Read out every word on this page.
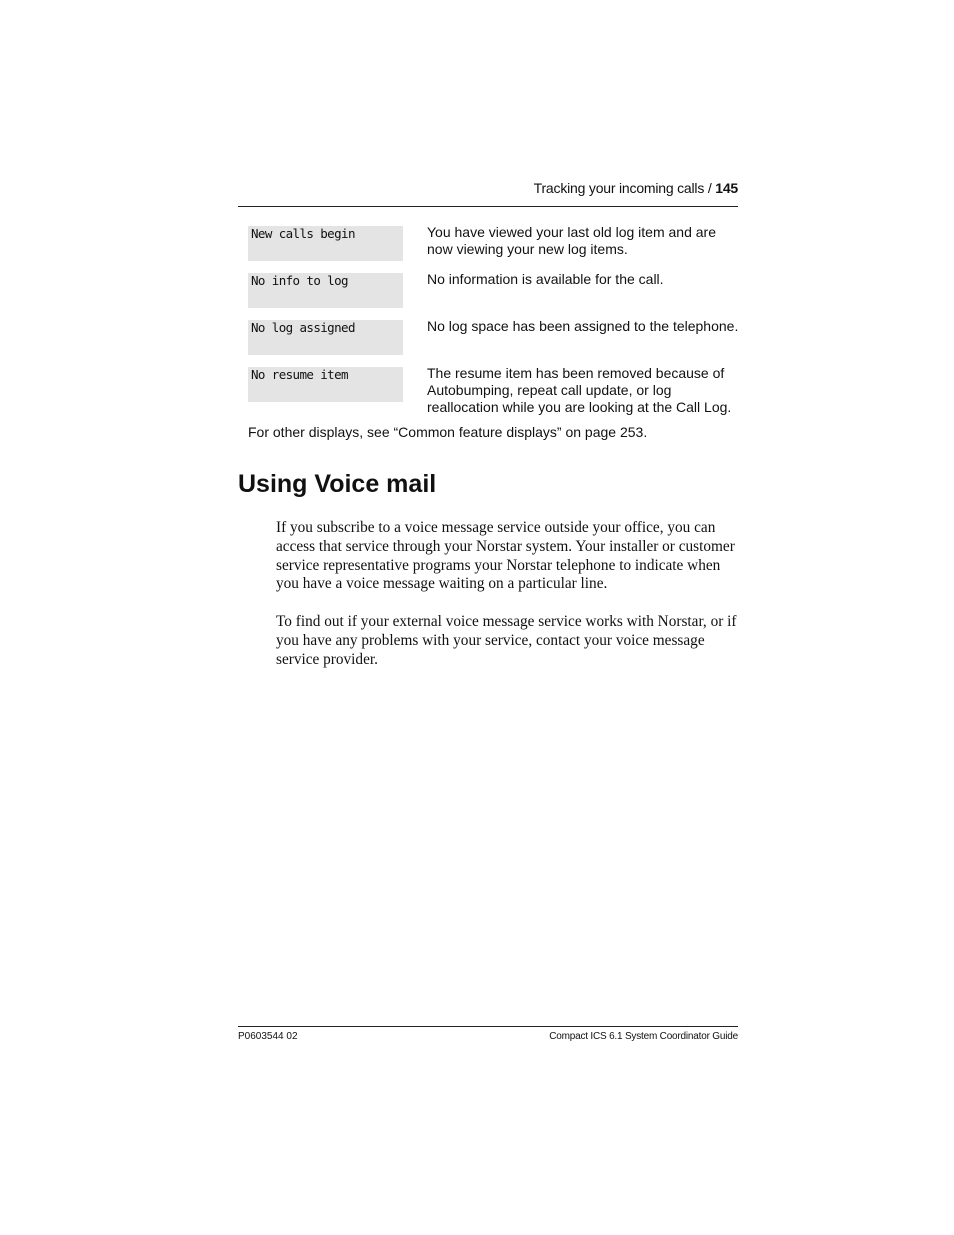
Tracking your incoming calls / 145
New calls begin	You have viewed your last old log item and are now viewing your new log items.
No info to log	No information is available for the call.
No log assigned	No log space has been assigned to the telephone.
No resume item	The resume item has been removed because of Autobumping, repeat call update, or log reallocation while you are looking at the Call Log.
For other displays, see “Common feature displays” on page 253.
Using Voice mail

If you subscribe to a voice message service outside your office, you can access that service through your Norstar system. Your installer or customer service representative programs your Norstar telephone to indicate when you have a voice message waiting on a particular line.

To find out if your external voice message service works with Norstar, or if you have any problems with your service, contact your voice message service provider.

P0603544 02	Compact ICS 6.1 System Coordinator Guide
